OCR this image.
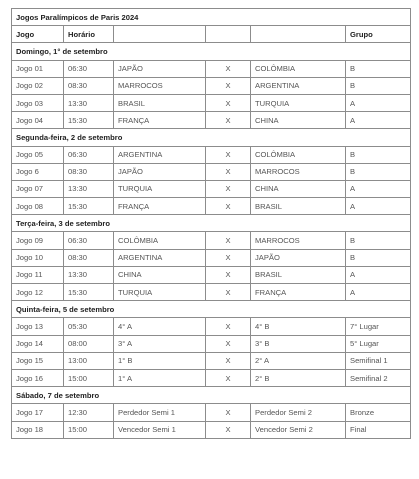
Jogos Paralímpicos de Paris 2024					
Jogo	Horário				Grupo
Domingo, 1° de setembro					
Jogo 01	06:30	JAPÃO	X	COLÔMBIA	B
Jogo 02	08:30	MARROCOS	X	ARGENTINA	B
Jogo 03	13:30	BRASIL	X	TURQUIA	A
Jogo 04	15:30	FRANÇA	X	CHINA	A
Segunda-feira, 2 de setembro					
Jogo 05	06:30	ARGENTINA	X	COLÔMBIA	B
Jogo 6	08:30	JAPÃO	X	MARROCOS	B
Jogo 07	13:30	TURQUIA	X	CHINA	A
Jogo 08	15:30	FRANÇA	X	BRASIL	A
Terça-feira, 3 de setembro					
Jogo 09	06:30	COLÔMBIA	X	MARROCOS	B
Jogo 10	08:30	ARGENTINA	X	JAPÃO	B
Jogo 11	13:30	CHINA	X	BRASIL	A
Jogo 12	15:30	TURQUIA	X	FRANÇA	A
Quinta-feira, 5 de setembro					
Jogo 13	05:30	4° A	X	4° B	7° Lugar
Jogo 14	08:00	3° A	X	3° B	5° Lugar
Jogo 15	13:00	1° B	X	2° A	Semifinal 1
Jogo 16	15:00	1° A	X	2° B	Semifinal 2
Sábado, 7 de setembro					
Jogo 17	12:30	Perdedor Semi 1	X	Perdedor Semi 2	Bronze
Jogo 18	15:00	Vencedor Semi 1	X	Vencedor Semi 2	Final
